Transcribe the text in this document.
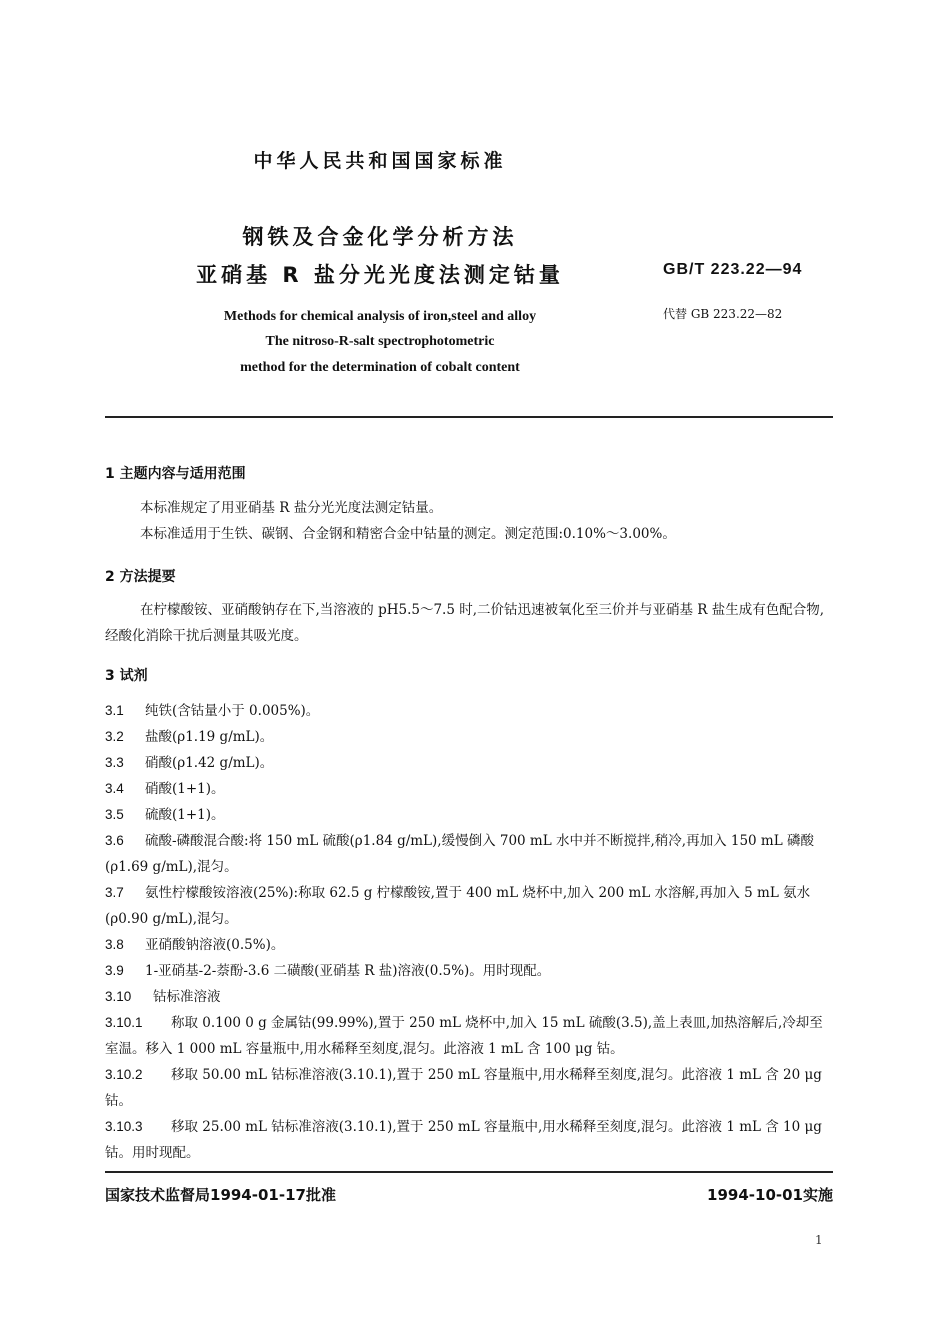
中华人民共和国国家标准
钢铁及合金化学分析方法
亚硝基 R 盐分光光度法测定钴量	GB/T 223.22—94
代替 GB 223.22—82
Methods for chemical analysis of iron,steel and alloy
The nitroso-R-salt spectrophotometric
method for the determination of cobalt content
1 主题内容与适用范围
本标准规定了用亚硝基 R 盐分光光度法测定钴量。
本标准适用于生铁、碳钢、合金钢和精密合金中钴量的测定。测定范围:0.10%～3.00%。
2 方法提要
在柠檬酸铵、亚硝酸钠存在下,当溶液的 pH5.5～7.5 时,二价钴迅速被氧化至三价并与亚硝基 R 盐生成有色配合物,经酸化消除干扰后测量其吸光度。
3 试剂
3.1 纯铁(含钴量小于 0.005%)。
3.2 盐酸(ρ1.19 g/mL)。
3.3 硝酸(ρ1.42 g/mL)。
3.4 硝酸(1+1)。
3.5 硫酸(1+1)。
3.6 硫酸-磷酸混合酸:将 150 mL 硫酸(ρ1.84 g/mL),缓慢倒入 700 mL 水中并不断搅拌,稍冷,再加入 150 mL 磷酸(ρ1.69 g/mL),混匀。
3.7 氨性柠檬酸铵溶液(25%):称取 62.5 g 柠檬酸铵,置于 400 mL 烧杯中,加入 200 mL 水溶解,再加入 5 mL 氨水(ρ0.90 g/mL),混匀。
3.8 亚硝酸钠溶液(0.5%)。
3.9 1-亚硝基-2-萘酚-3.6 二磺酸(亚硝基 R 盐)溶液(0.5%)。用时现配。
3.10 钴标准溶液
3.10.1 称取 0.100 0 g 金属钴(99.99%),置于 250 mL 烧杯中,加入 15 mL 硫酸(3.5),盖上表皿,加热溶解后,冷却至室温。移入 1 000 mL 容量瓶中,用水稀释至刻度,混匀。此溶液 1 mL 含 100 μg 钴。
3.10.2 移取 50.00 mL 钴标准溶液(3.10.1),置于 250 mL 容量瓶中,用水稀释至刻度,混匀。此溶液 1 mL 含 20 μg 钴。
3.10.3 移取 25.00 mL 钴标准溶液(3.10.1),置于 250 mL 容量瓶中,用水稀释至刻度,混匀。此溶液 1 mL 含 10 μg 钴。用时现配。
国家技术监督局1994-01-17批准	1994-10-01实施
1
